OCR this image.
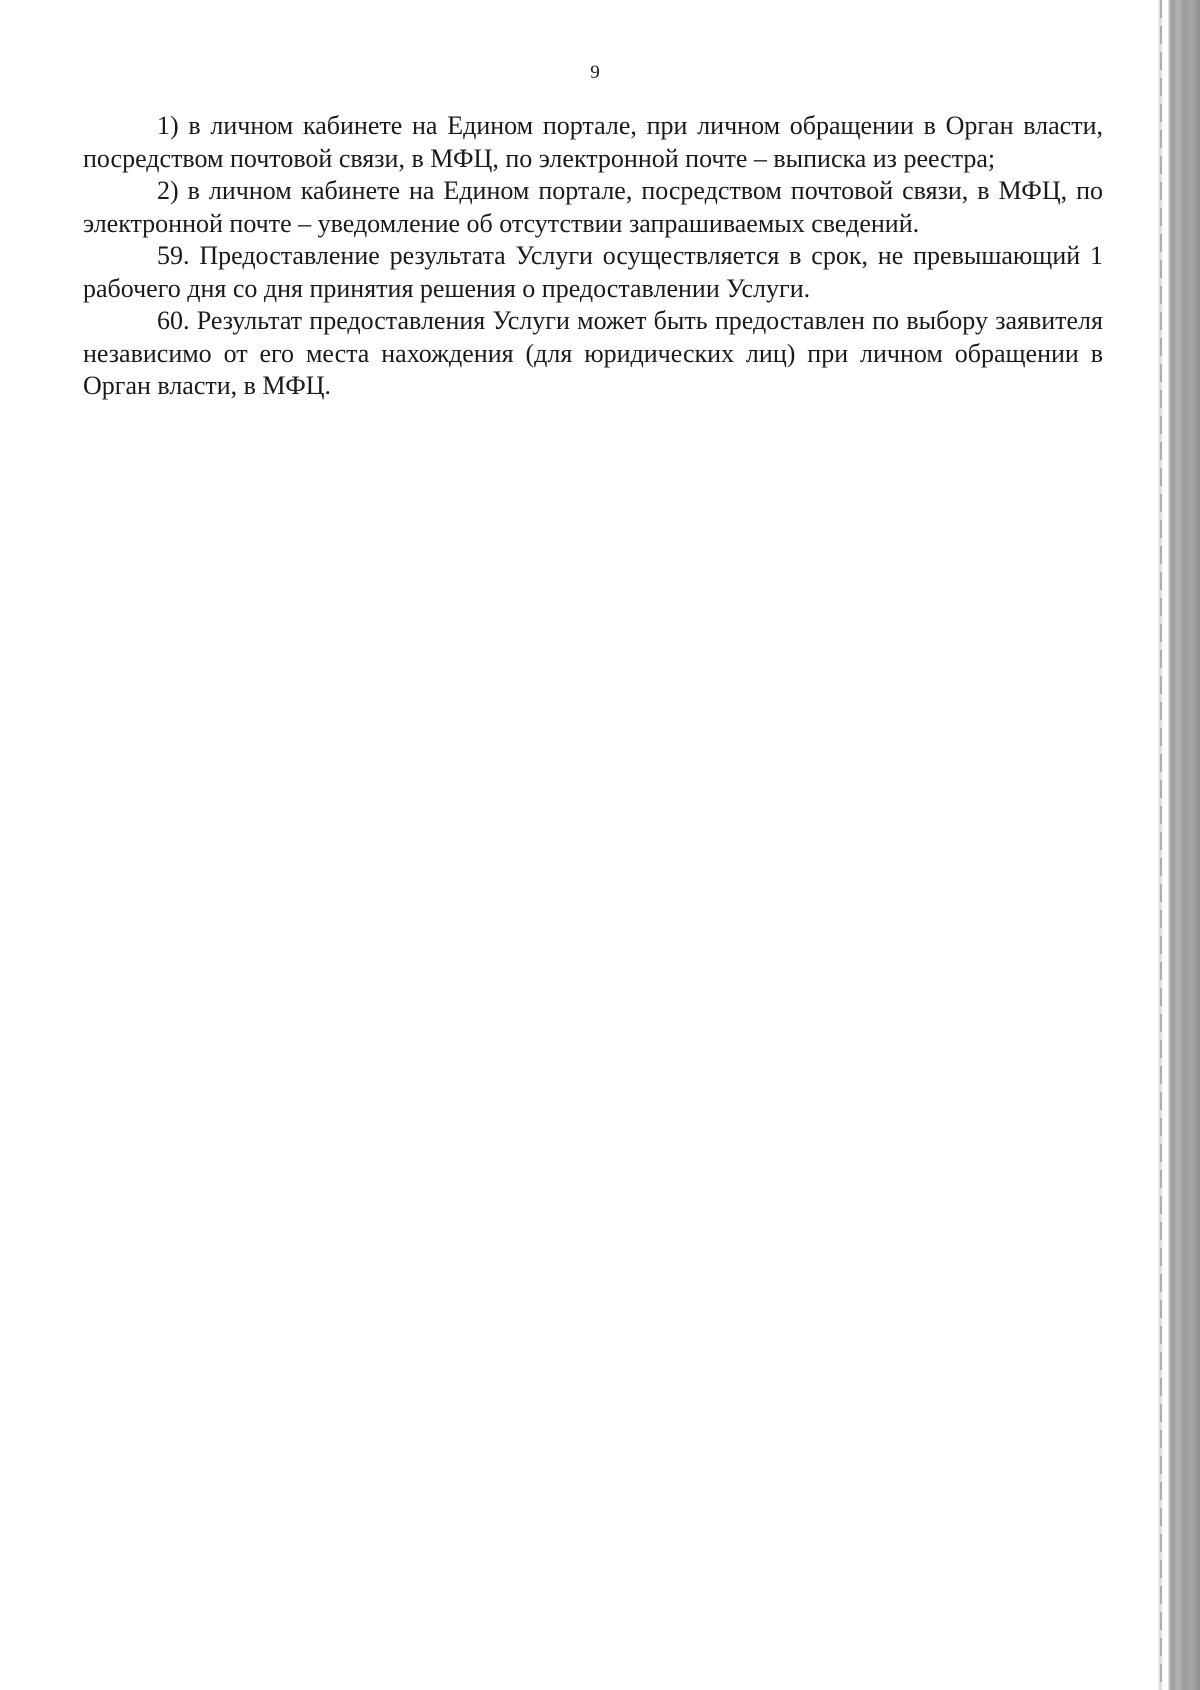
9

1) в личном кабинете на Едином портале, при личном обращении в Орган власти, посредством почтовой связи, в МФЦ, по электронной почте – выписка из реестра;

2) в личном кабинете на Едином портале, посредством почтовой связи, в МФЦ, по электронной почте – уведомление об отсутствии запрашиваемых сведений.

59. Предоставление результата Услуги осуществляется в срок, не превышающий 1 рабочего дня со дня принятия решения о предоставлении Услуги.

60. Результат предоставления Услуги может быть предоставлен по выбору заявителя независимо от его места нахождения (для юридических лиц) при личном обращении в Орган власти, в МФЦ.
